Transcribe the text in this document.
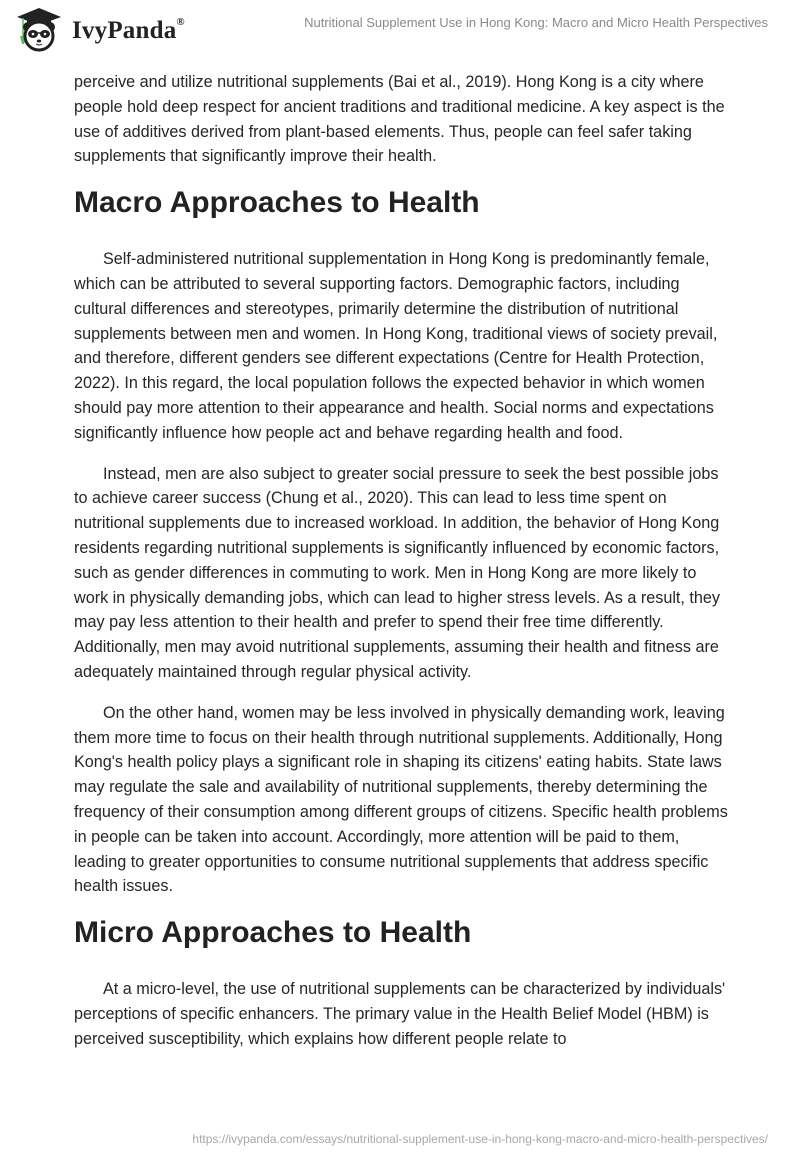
IvyPanda®	Nutritional Supplement Use in Hong Kong: Macro and Micro Health Perspectives

perceive and utilize nutritional supplements (Bai et al., 2019). Hong Kong is a city where people hold deep respect for ancient traditions and traditional medicine. A key aspect is the use of additives derived from plant-based elements. Thus, people can feel safer taking supplements that significantly improve their health.

Macro Approaches to Health

Self-administered nutritional supplementation in Hong Kong is predominantly female, which can be attributed to several supporting factors. Demographic factors, including cultural differences and stereotypes, primarily determine the distribution of nutritional supplements between men and women. In Hong Kong, traditional views of society prevail, and therefore, different genders see different expectations (Centre for Health Protection, 2022). In this regard, the local population follows the expected behavior in which women should pay more attention to their appearance and health. Social norms and expectations significantly influence how people act and behave regarding health and food.

Instead, men are also subject to greater social pressure to seek the best possible jobs to achieve career success (Chung et al., 2020). This can lead to less time spent on nutritional supplements due to increased workload. In addition, the behavior of Hong Kong residents regarding nutritional supplements is significantly influenced by economic factors, such as gender differences in commuting to work. Men in Hong Kong are more likely to work in physically demanding jobs, which can lead to higher stress levels. As a result, they may pay less attention to their health and prefer to spend their free time differently. Additionally, men may avoid nutritional supplements, assuming their health and fitness are adequately maintained through regular physical activity.

On the other hand, women may be less involved in physically demanding work, leaving them more time to focus on their health through nutritional supplements. Additionally, Hong Kong's health policy plays a significant role in shaping its citizens' eating habits. State laws may regulate the sale and availability of nutritional supplements, thereby determining the frequency of their consumption among different groups of citizens. Specific health problems in people can be taken into account. Accordingly, more attention will be paid to them, leading to greater opportunities to consume nutritional supplements that address specific health issues.

Micro Approaches to Health

At a micro-level, the use of nutritional supplements can be characterized by individuals' perceptions of specific enhancers. The primary value in the Health Belief Model (HBM) is perceived susceptibility, which explains how different people relate to

https://ivypanda.com/essays/nutritional-supplement-use-in-hong-kong-macro-and-micro-health-perspectives/
